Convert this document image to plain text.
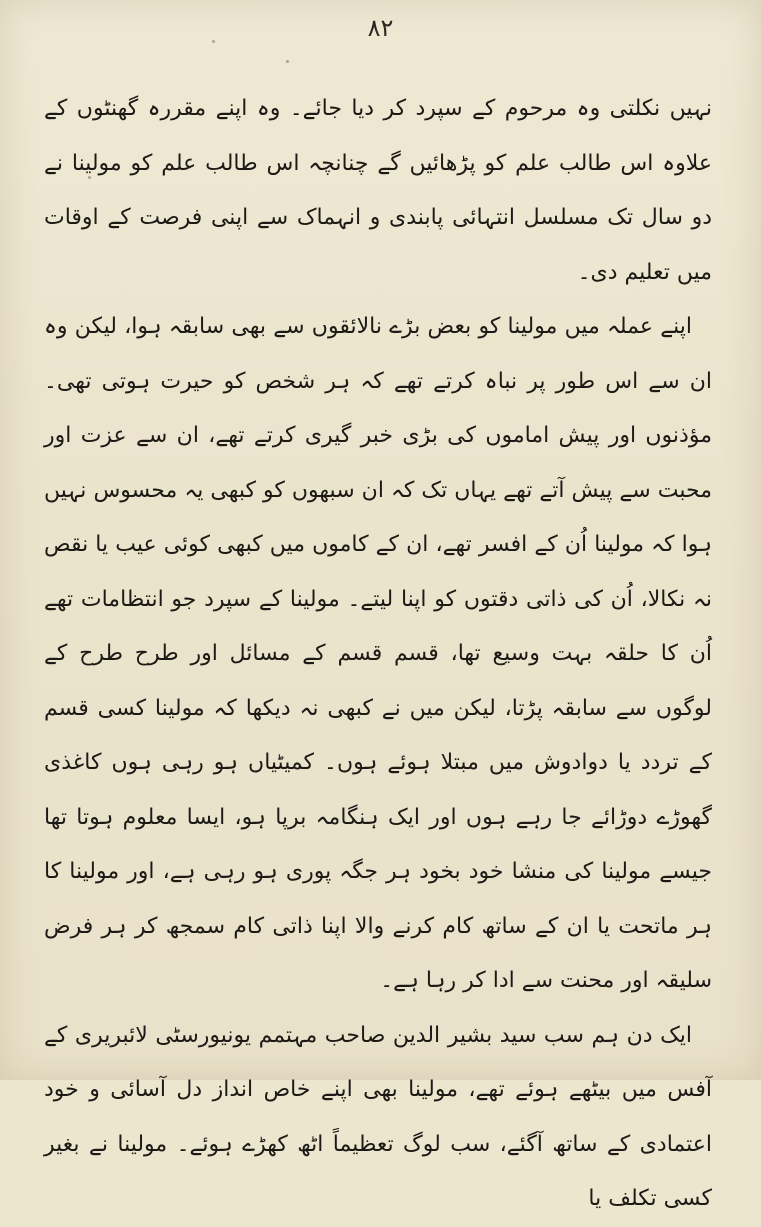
۸۲

نہیں نکلتی وہ مرحوم کے سپرد کر دیا جائے۔ وہ اپنے مقررہ گھنٹوں کے علاوہ اس طالب علم کو پڑھائیں گے چنانچہ اس طالب علم کو مولینا نے دو سال تک مسلسل انتہائی پابندی و انہماک سے اپنی فرصت کے اوقات میں تعلیم دی۔

اپنے عملہ میں مولینا کو بعض بڑے نالائقوں سے بھی سابقہ ہوا، لیکن وہ ان سے اس طور پر نباہ کرتے تھے کہ ہر شخص کو حیرت ہوتی تھی۔ مؤذنوں اور پیش اماموں کی بڑی خبر گیری کرتے تھے، ان سے عزت اور محبت سے پیش آتے تھے یہاں تک کہ ان سبھوں کو کبھی یہ محسوس نہیں ہوا کہ مولینا اُن کے افسر تھے، ان کے کاموں میں کبھی کوئی عیب یا نقص نہ نکالا، اُن کی ذاتی دقتوں کو اپنا لیتے۔ مولینا کے سپرد جو انتظامات تھے اُن کا حلقہ بہت وسیع تھا، قسم قسم کے مسائل اور طرح طرح کے لوگوں سے سابقہ پڑتا، لیکن میں نے کبھی نہ دیکھا کہ مولینا کسی قسم کے تردد یا دوادوش میں مبتلا ہوئے ہوں۔ کمیٹیاں ہو رہی ہوں کاغذی گھوڑے دوڑائے جا رہے ہوں اور ایک ہنگامہ برپا ہو، ایسا معلوم ہوتا تھا جیسے مولینا کی منشا خود بخود ہر جگہ پوری ہو رہی ہے، اور مولینا کا ہر ماتحت یا ان کے ساتھ کام کرنے والا اپنا ذاتی کام سمجھ کر ہر فرض سلیقہ اور محنت سے ادا کر رہا ہے۔

ایک دن ہم سب سید بشیر الدین صاحب مہتمم یونیورسٹی لائبریری کے آفس میں بیٹھے ہوئے تھے، مولینا بھی اپنے خاص انداز دل آسائی و خود اعتمادی کے ساتھ آگئے، سب لوگ تعظیماً اٹھ کھڑے ہوئے۔ مولینا نے بغیر کسی تکلف یا
